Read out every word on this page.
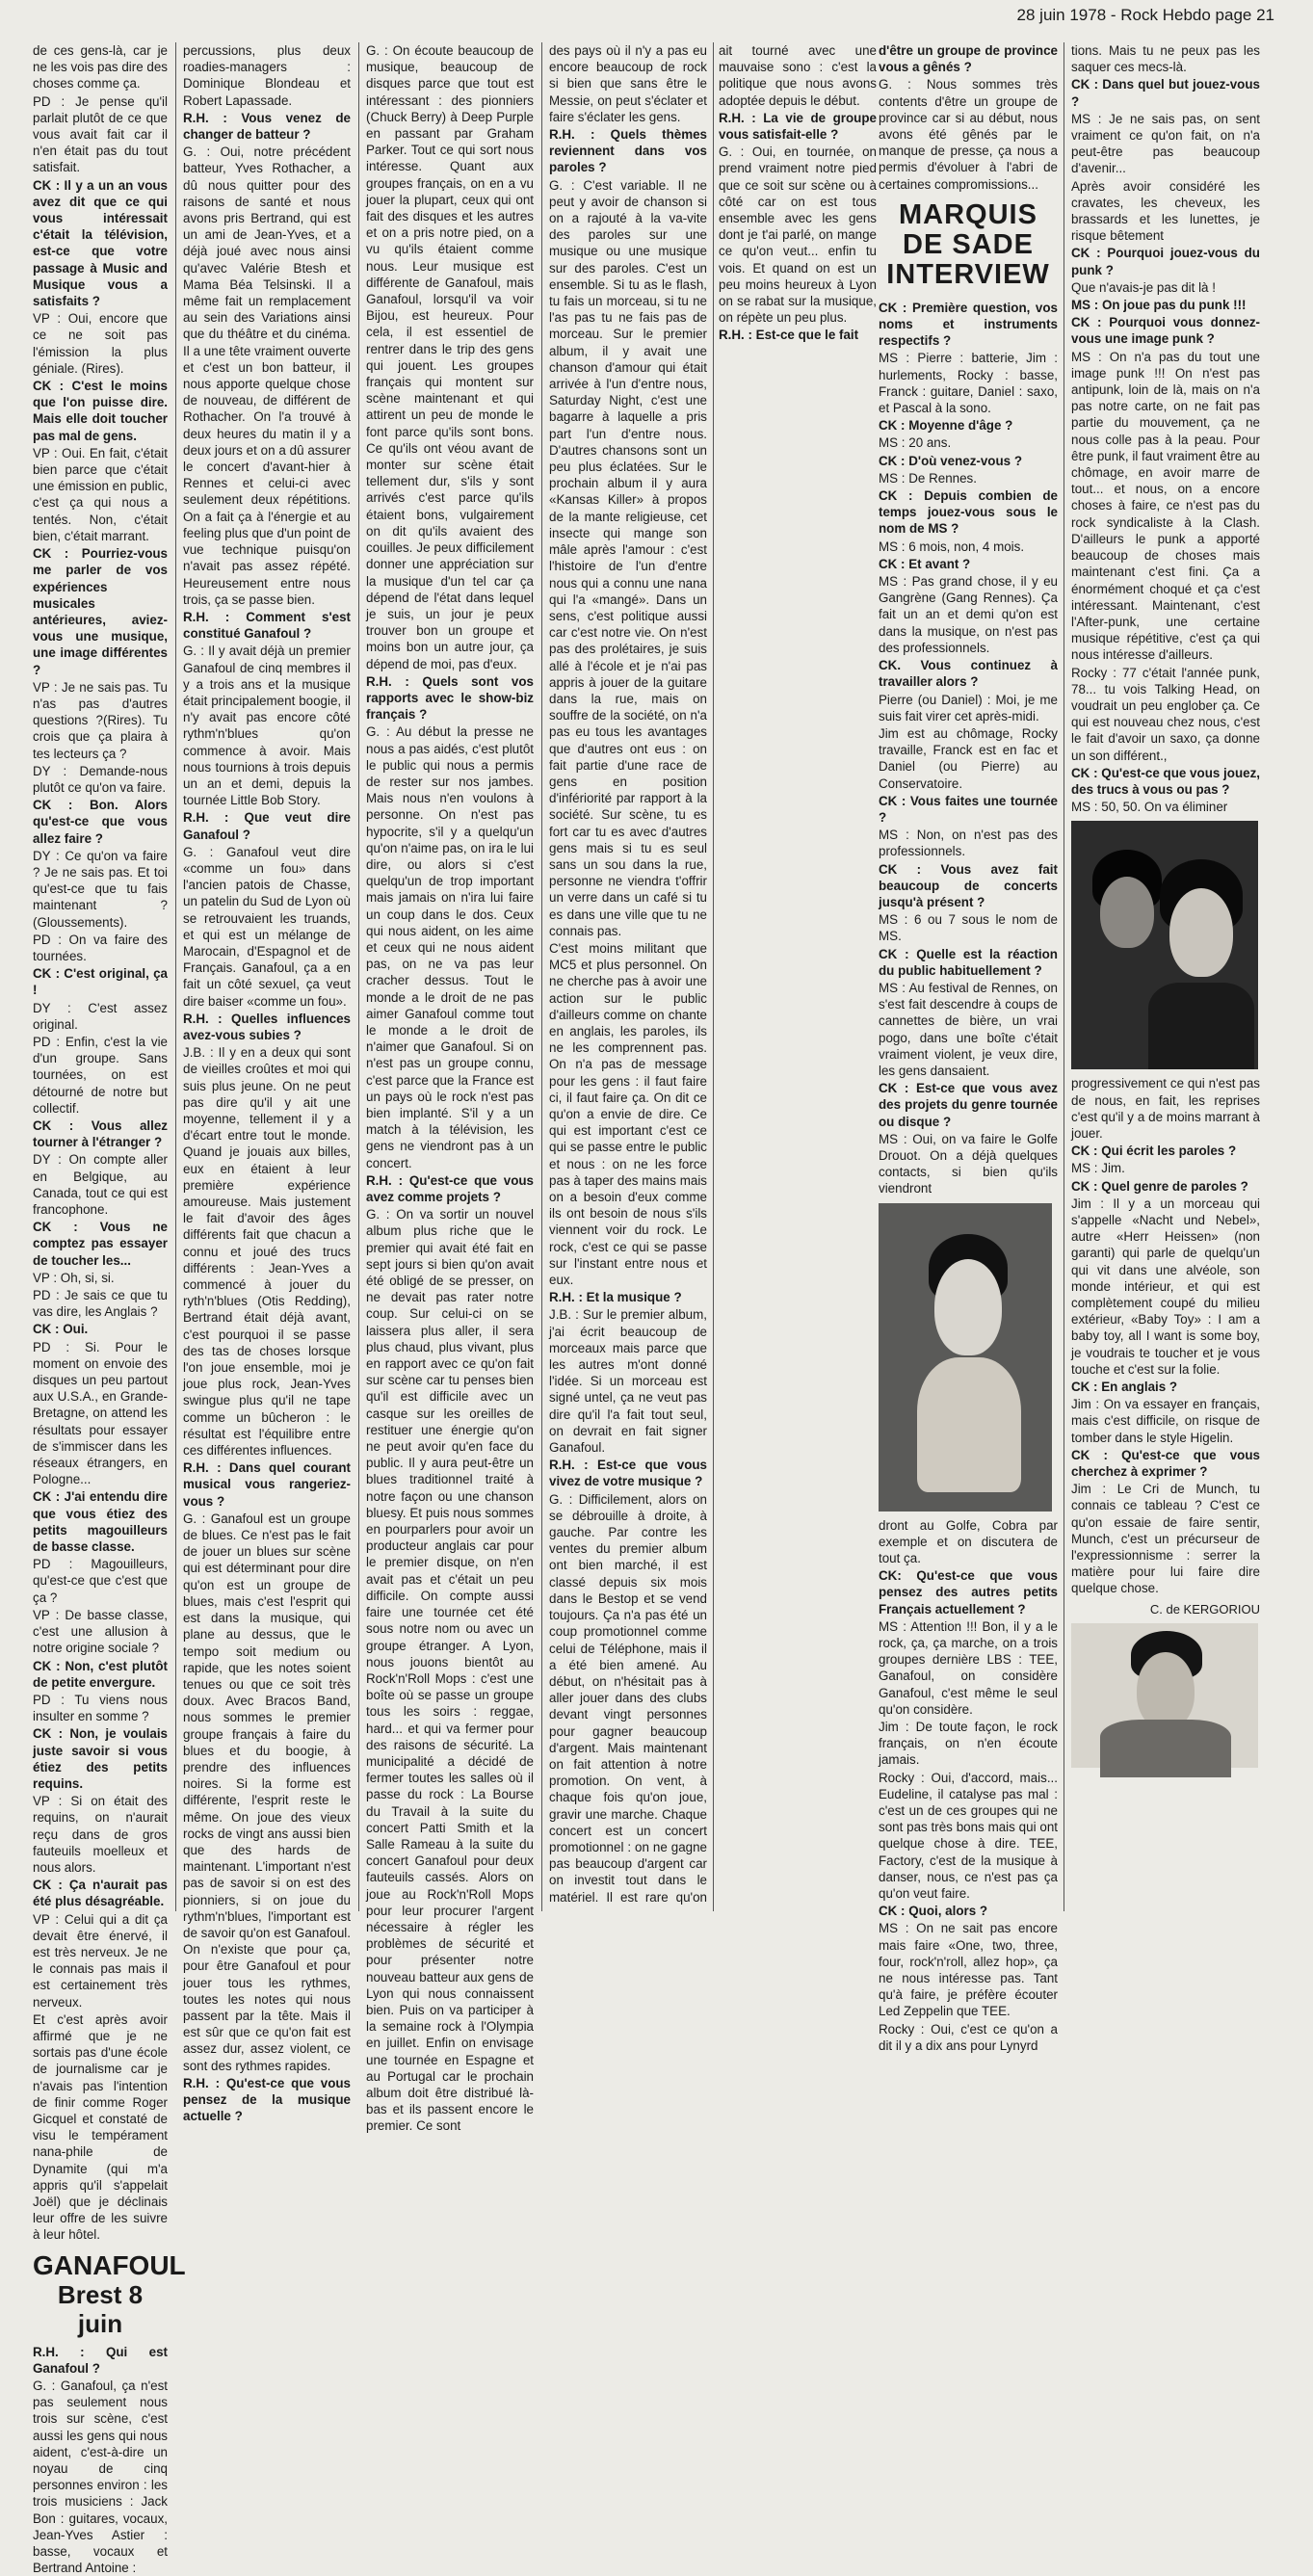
28 juin 1978 - Rock Hebdo page 21

de ces gens-là, car je ne les vois pas dire des choses comme ça.

PD : Je pense qu'il parlait plutôt de ce que vous avait fait car il n'en était pas du tout satisfait.

CK : Il y a un an vous avez dit que ce qui vous intéressait c'était la télévision, est-ce que votre passage à Music and Musique vous a satisfaits ?

VP : Oui, encore que ce ne soit pas l'émission la plus géniale. (Rires).

CK : C'est le moins que l'on puisse dire. Mais elle doit toucher pas mal de gens.

VP : Oui. En fait, c'était bien parce que c'était une émission en public, c'est ça qui nous a tentés. Non, c'était bien, c'était marrant.

CK : Pourriez-vous me parler de vos expériences musicales antérieures, aviez-vous une musique, une image différentes ?

VP : Je ne sais pas. Tu n'as pas d'autres questions ?(Rires). Tu crois que ça plaira à tes lecteurs ça ?

DY : Demande-nous plutôt ce qu'on va faire.

CK : Bon. Alors qu'est-ce que vous allez faire ?

DY : Ce qu'on va faire ? Je ne sais pas. Et toi qu'est-ce que tu fais maintenant ? (Gloussements).

PD : On va faire des tournées.

CK : C'est original, ça !

DY : C'est assez original.

PD : Enfin, c'est la vie d'un groupe. Sans tournées, on est détourné de notre but collectif.

CK : Vous allez tourner à l'étranger ?

DY : On compte aller en Belgique, au Canada, tout ce qui est francophone.

CK : Vous ne comptez pas essayer de toucher les...

VP : Oh, si, si.

PD : Je sais ce que tu vas dire, les Anglais ?

CK : Oui.

PD : Si. Pour le moment on envoie des disques un peu partout aux U.S.A., en Grande-Bretagne, on attend les résultats pour essayer de s'immiscer dans les réseaux étrangers, en Pologne...

CK : J'ai entendu dire que vous étiez des petits magouilleurs de basse classe.

PD : Magouilleurs, qu'est-ce que c'est que ça ?

VP : De basse classe, c'est une allusion à notre origine sociale ?

CK : Non, c'est plutôt de petite envergure.

PD : Tu viens nous insulter en somme ?

CK : Non, je voulais juste savoir si vous étiez des petits requins.

VP : Si on était des requins, on n'aurait reçu dans de gros fauteuils moelleux et nous alors.

CK : Ça n'aurait pas été plus désagréable.

VP : Celui qui a dit ça devait être énervé, il est très nerveux. Je ne le connais pas mais il est certainement très nerveux.

Et c'est après avoir affirmé que je ne sortais pas d'une école de journalisme car je n'avais pas l'intention de finir comme Roger Gicquel et constaté de visu le tempérament nana-phile de Dynamite (qui m'a appris qu'il s'appelait Joël) que je déclinais leur offre de les suivre à leur hôtel.

GANAFOUL
Brest 8 juin

R.H. : Qui est Ganafoul ?

G. : Ganafoul, ça n'est pas seulement nous trois sur scène, c'est aussi les gens qui nous aident, c'est-à-dire un noyau de cinq personnes environ : les trois musiciens : Jack Bon : guitares, vocaux, Jean-Yves Astier : basse, vocaux et Bertrand Antoine :

percussions, plus deux roadies-managers : Dominique Blondeau et Robert Lapassade.

R.H. : Vous venez de changer de batteur ?

G. : Oui, notre précédent batteur, Yves Rothacher, a dû nous quitter pour des raisons de santé et nous avons pris Bertrand, qui est un ami de Jean-Yves, et a déjà joué avec nous ainsi qu'avec Valérie Btesh et Mama Béa Telsinski. Il a même fait un remplacement au sein des Variations ainsi que du théâtre et du cinéma. Il a une tête vraiment ouverte et c'est un bon batteur, il nous apporte quelque chose de nouveau, de différent de Rothacher. On l'a trouvé à deux heures du matin il y a deux jours et on a dû assurer le concert d'avant-hier à Rennes et celui-ci avec seulement deux répétitions. On a fait ça à l'énergie et au feeling plus que d'un point de vue technique puisqu'on n'avait pas assez répété. Heureusement entre nous trois, ça se passe bien.

R.H. : Comment s'est constitué Ganafoul ?

G. : Il y avait déjà un premier Ganafoul de cinq membres il y a trois ans et la musique était principalement boogie, il n'y avait pas encore côté rythm'n'blues qu'on commence à avoir. Mais nous tournions à trois depuis un an et demi, depuis la tournée Little Bob Story.

R.H. : Que veut dire Ganafoul ?

G. : Ganafoul veut dire «comme un fou» dans l'ancien patois de Chasse, un patelin du Sud de Lyon où se retrouvaient les truands, et qui est un mélange de Marocain, d'Espagnol et de Français. Ganafoul, ça a en fait un côté sexuel, ça veut dire baiser «comme un fou».

R.H. : Quelles influences avez-vous subies ?

J.B. : Il y en a deux qui sont de vieilles croûtes et moi qui suis plus jeune. On ne peut pas dire qu'il y ait une moyenne, tellement il y a d'écart entre tout le monde. Quand je jouais aux billes, eux en étaient à leur première expérience amoureuse. Mais justement le fait d'avoir des âges différents fait que chacun a connu et joué des trucs différents : Jean-Yves a commencé à jouer du ryth'n'blues (Otis Redding), Bertrand était déjà avant, c'est pourquoi il se passe des tas de choses lorsque l'on joue ensemble, moi je joue plus rock, Jean-Yves swingue plus qu'il ne tape comme un bûcheron : le résultat est l'équilibre entre ces différentes influences.

R.H. : Dans quel courant musical vous rangeriez-vous ?

G. : Ganafoul est un groupe de blues. Ce n'est pas le fait de jouer un blues sur scène qui est déterminant pour dire qu'on est un groupe de blues, mais c'est l'esprit qui est dans la musique, qui plane au dessus, que le tempo soit medium ou rapide, que les notes soient tenues ou que ce soit très doux. Avec Bracos Band, nous sommes le premier groupe français à faire du blues et du boogie, à prendre des influences noires. Si la forme est différente, l'esprit reste le même. On joue des vieux rocks de vingt ans aussi bien que des hards de maintenant. L'important n'est pas de savoir si on est des pionniers, si on joue du rythm'n'blues, l'important est de savoir qu'on est Ganafoul. On n'existe que pour ça, pour être Ganafoul et pour jouer tous les rythmes, toutes les notes qui nous passent par la tête. Mais il est sûr que ce qu'on fait est assez dur, assez violent, ce sont des rythmes rapides.

R.H. : Qu'est-ce que vous pensez de la musique actuelle ?

G. : On écoute beaucoup de musique, beaucoup de disques parce que tout est intéressant : des pionniers (Chuck Berry) à Deep Purple en passant par Graham Parker. Tout ce qui sort nous intéresse. Quant aux groupes français, on en a vu jouer la plupart, ceux qui ont fait des disques et les autres et on a pris notre pied, on a vu qu'ils étaient comme nous. Leur musique est différente de Ganafoul, mais Ganafoul, lorsqu'il va voir Bijou, est heureux. Pour cela, il est essentiel de rentrer dans le trip des gens qui jouent. Les groupes français qui montent sur scène maintenant et qui attirent un peu de monde le font parce qu'ils sont bons. Ce qu'ils ont véou avant de monter sur scène était tellement dur, s'ils y sont arrivés c'est parce qu'ils étaient bons, vulgairement on dit qu'ils avaient des couilles. Je peux difficilement donner une appréciation sur la musique d'un tel car ça dépend de l'état dans lequel je suis, un jour je peux trouver bon un groupe et moins bon un autre jour, ça dépend de moi, pas d'eux.

R.H. : Quels sont vos rapports avec le show-biz français ?

G. : Au début la presse ne nous a pas aidés, c'est plutôt le public qui nous a permis de rester sur nos jambes. Mais nous n'en voulons à personne. On n'est pas hypocrite, s'il y a quelqu'un qu'on n'aime pas, on ira le lui dire, ou alors si c'est quelqu'un de trop important mais jamais on n'ira lui faire un coup dans le dos. Ceux qui nous aident, on les aime et ceux qui ne nous aident pas, on ne va pas leur cracher dessus. Tout le monde a le droit de ne pas aimer Ganafoul comme tout le monde a le droit de n'aimer que Ganafoul. Si on n'est pas un groupe connu, c'est parce que la France est un pays où le rock n'est pas bien implanté. S'il y a un match à la télévision, les gens ne viendront pas à un concert.

R.H. : Qu'est-ce que vous avez comme projets ?

G. : On va sortir un nouvel album plus riche que le premier qui avait été fait en sept jours si bien qu'on avait été obligé de se presser, on ne devait pas rater notre coup. Sur celui-ci on se laissera plus aller, il sera plus chaud, plus vivant, plus en rapport avec ce qu'on fait sur scène car tu penses bien qu'il est difficile avec un casque sur les oreilles de restituer une énergie qu'on ne peut avoir qu'en face du public. Il y aura peut-être un blues traditionnel traité à notre façon ou une chanson bluesy. Et puis nous sommes en pourparlers pour avoir un producteur anglais car pour le premier disque, on n'en avait pas et c'était un peu difficile. On compte aussi faire une tournée cet été sous notre nom ou avec un groupe étranger. A Lyon, nous jouons bientôt au Rock'n'Roll Mops : c'est une boîte où se passe un groupe tous les soirs : reggae, hard... et qui va fermer pour des raisons de sécurité. La municipalité a décidé de fermer toutes les salles où il passe du rock : La Bourse du Travail à la suite du concert Patti Smith et la Salle Rameau à la suite du concert Ganafoul pour deux fauteuils cassés. Alors on joue au Rock'n'Roll Mops pour leur procurer l'argent nécessaire à régler les problèmes de sécurité et pour présenter notre nouveau batteur aux gens de Lyon qui nous connaissent bien. Puis on va participer à la semaine rock à l'Olympia en juillet. Enfin on envisage une tournée en Espagne et au Portugal car le prochain album doit être distribué là-bas et ils passent encore le premier. Ce sont

des pays où il n'y a pas eu encore beaucoup de rock si bien que sans être le Messie, on peut s'éclater et faire s'éclater les gens.

R.H. : Quels thèmes reviennent dans vos paroles ?

G. : C'est variable. Il ne peut y avoir de chanson si on a rajouté à la va-vite des paroles sur une musique ou une musique sur des paroles. C'est un ensemble. Si tu as le flash, tu fais un morceau, si tu ne l'as pas tu ne fais pas de morceau. Sur le premier album, il y avait une chanson d'amour qui était arrivée à l'un d'entre nous, Saturday Night, c'est une bagarre à laquelle a pris part l'un d'entre nous. D'autres chansons sont un peu plus éclatées. Sur le prochain album il y aura «Kansas Killer» à propos de la mante religieuse, cet insecte qui mange son mâle après l'amour : c'est l'histoire de l'un d'entre nous qui a connu une nana qui l'a «mangé». Dans un sens, c'est politique aussi car c'est notre vie. On n'est pas des prolétaires, je suis allé à l'école et je n'ai pas appris à jouer de la guitare dans la rue, mais on souffre de la société, on n'a pas eu tous les avantages que d'autres ont eus : on fait partie d'une race de gens en position d'infériorité par rapport à la société. Sur scène, tu es fort car tu es avec d'autres gens mais si tu es seul sans un sou dans la rue, personne ne viendra t'offrir un verre dans un café si tu es dans une ville que tu ne connais pas.

C'est moins militant que MC5 et plus personnel. On ne cherche pas à avoir une action sur le public d'ailleurs comme on chante en anglais, les paroles, ils ne les comprennent pas. On n'a pas de message pour les gens : il faut faire ci, il faut faire ça. On dit ce qu'on a envie de dire. Ce qui est important c'est ce qui se passe entre le public et nous : on ne les force pas à taper des mains mais on a besoin d'eux comme ils ont besoin de nous s'ils viennent voir du rock. Le rock, c'est ce qui se passe sur l'instant entre nous et eux.

R.H. : Et la musique ?

J.B. : Sur le premier album, j'ai écrit beaucoup de morceaux mais parce que les autres m'ont donné l'idée. Si un morceau est signé untel, ça ne veut pas dire qu'il l'a fait tout seul, on devrait en fait signer Ganafoul.

R.H. : Est-ce que vous vivez de votre musique ?

G. : Difficilement, alors on se débrouille à droite, à gauche. Par contre les ventes du premier album ont bien marché, il est classé depuis six mois dans le Bestop et se vend toujours. Ça n'a pas été un coup promotionnel comme celui de Téléphone, mais il a été bien amené. Au début, on n'hésitait pas à aller jouer dans des clubs devant vingt personnes pour gagner beaucoup d'argent. Mais maintenant on fait attention à notre promotion. On vent, à chaque fois qu'on joue, gravir une marche. Chaque concert est un concert promotionnel : on ne gagne pas beaucoup d'argent car on investit tout dans le matériel. Il est rare qu'on ait tourné avec une mauvaise sono : c'est la politique que nous avons adoptée depuis le début.

R.H. : La vie de groupe vous satisfait-elle ?

G. : Oui, en tournée, on prend vraiment notre pied que ce soit sur scène ou à côté car on est tous ensemble avec les gens dont je t'ai parlé, on mange ce qu'on veut... enfin tu vois. Et quand on est un peu moins heureux à Lyon on se rabat sur la musique, on répète un peu plus.

R.H. : Est-ce que le fait

d'être un groupe de province vous a gênés ?

G. : Nous sommes très contents d'être un groupe de province car si au début, nous avons été gênés par le manque de presse, ça nous a permis d'évoluer à l'abri de certaines compromissions...

MARQUIS
DE SADE
INTERVIEW

CK : Première question, vos noms et instruments respectifs ?

MS : Pierre : batterie, Jim : hurlements, Rocky : basse, Franck : guitare, Daniel : saxo, et Pascal à la sono.

CK : Moyenne d'âge ?

MS : 20 ans.

CK : D'où venez-vous ?

MS : De Rennes.

CK : Depuis combien de temps jouez-vous sous le nom de MS ?

MS : 6 mois, non, 4 mois.

CK : Et avant ?

MS : Pas grand chose, il y eu Gangrène (Gang Rennes). Ça fait un an et demi qu'on est dans la musique, on n'est pas des professionnels.

CK. Vous continuez à travailler alors ?

Pierre (ou Daniel) : Moi, je me suis fait virer cet après-midi.

Jim est au chômage, Rocky travaille, Franck est en fac et Daniel (ou Pierre) au Conservatoire.

CK : Vous faites une tournée ?

MS : Non, on n'est pas des professionnels.

CK : Vous avez fait beaucoup de concerts jusqu'à présent ?

MS : 6 ou 7 sous le nom de MS.

CK : Quelle est la réaction du public habituellement ?

MS : Au festival de Rennes, on s'est fait descendre à coups de cannettes de bière, un vrai pogo, dans une boîte c'était vraiment violent, je veux dire, les gens dansaient.

CK : Est-ce que vous avez des projets du genre tournée ou disque ?

MS : Oui, on va faire le Golfe Drouot. On a déjà quelques contacts, si bien qu'ils viendront

dront au Golfe, Cobra par exemple et on discutera de tout ça.

CK: Qu'est-ce que vous pensez des autres petits Français actuellement ?

MS : Attention !!! Bon, il y a le rock, ça, ça marche, on a trois groupes dernière LBS : TEE, Ganafoul, on considère Ganafoul, c'est même le seul qu'on considère.

Jim : De toute façon, le rock français, on n'en écoute jamais.

Rocky : Oui, d'accord, mais... Eudeline, il catalyse pas mal : c'est un de ces groupes qui ne sont pas très bons mais qui ont quelque chose à dire. TEE, Factory, c'est de la musique à danser, nous, ce n'est pas ça qu'on veut faire.

CK : Quoi, alors ?

MS : On ne sait pas encore mais faire «One, two, three, four, rock'n'roll, allez hop», ça ne nous intéresse pas. Tant qu'à faire, je préfère écouter Led Zeppelin que TEE.

Rocky : Oui, c'est ce qu'on a dit il y a dix ans pour Lynyrd

tions. Mais tu ne peux pas les saquer ces mecs-là.

CK : Dans quel but jouez-vous ?

MS : Je ne sais pas, on sent vraiment ce qu'on fait, on n'a peut-être pas beaucoup d'avenir...

Après avoir considéré les cravates, les cheveux, les brassards et les lunettes, je risque bêtement

CK : Pourquoi jouez-vous du punk ?

Que n'avais-je pas dit là !

MS : On joue pas du punk !!!

CK : Pourquoi vous donnez-vous une image punk ?

MS : On n'a pas du tout une image punk !!! On n'est pas antipunk, loin de là, mais on n'a pas notre carte, on ne fait pas partie du mouvement, ça ne nous colle pas à la peau. Pour être punk, il faut vraiment être au chômage, en avoir marre de tout... et nous, on a encore choses à faire, ce n'est pas du rock syndicaliste à la Clash. D'ailleurs le punk a apporté beaucoup de choses mais maintenant c'est fini. Ça a énormément choqué et ça c'est intéressant. Maintenant, c'est l'After-punk, une certaine musique répétitive, c'est ça qui nous intéresse d'ailleurs.

Rocky : 77 c'était l'année punk, 78... tu vois Talking Head, on voudrait un peu englober ça. Ce qui est nouveau chez nous, c'est le fait d'avoir un saxo, ça donne un son différent.,

CK : Qu'est-ce que vous jouez, des trucs à vous ou pas ?

MS : 50, 50. On va éliminer

progressivement ce qui n'est pas de nous, en fait, les reprises c'est qu'il y a de moins marrant à jouer.

CK : Qui écrit les paroles ?

MS : Jim.

CK : Quel genre de paroles ?

Jim : Il y a un morceau qui s'appelle «Nacht und Nebel», autre «Herr Heissen» (non garanti) qui parle de quelqu'un qui vit dans une alvéole, son monde intérieur, et qui est complètement coupé du milieu extérieur, «Baby Toy» : I am a baby toy, all I want is some boy, je voudrais te toucher et je vous touche et c'est sur la folie.

CK : En anglais ?

Jim : On va essayer en français, mais c'est difficile, on risque de tomber dans le style Higelin.

CK : Qu'est-ce que vous cherchez à exprimer ?

Jim : Le Cri de Munch, tu connais ce tableau ? C'est ce qu'on essaie de faire sentir, Munch, c'est un précurseur de l'expressionnisme : serrer la matière pour lui faire dire quelque chose.

C. de KERGORIOU
